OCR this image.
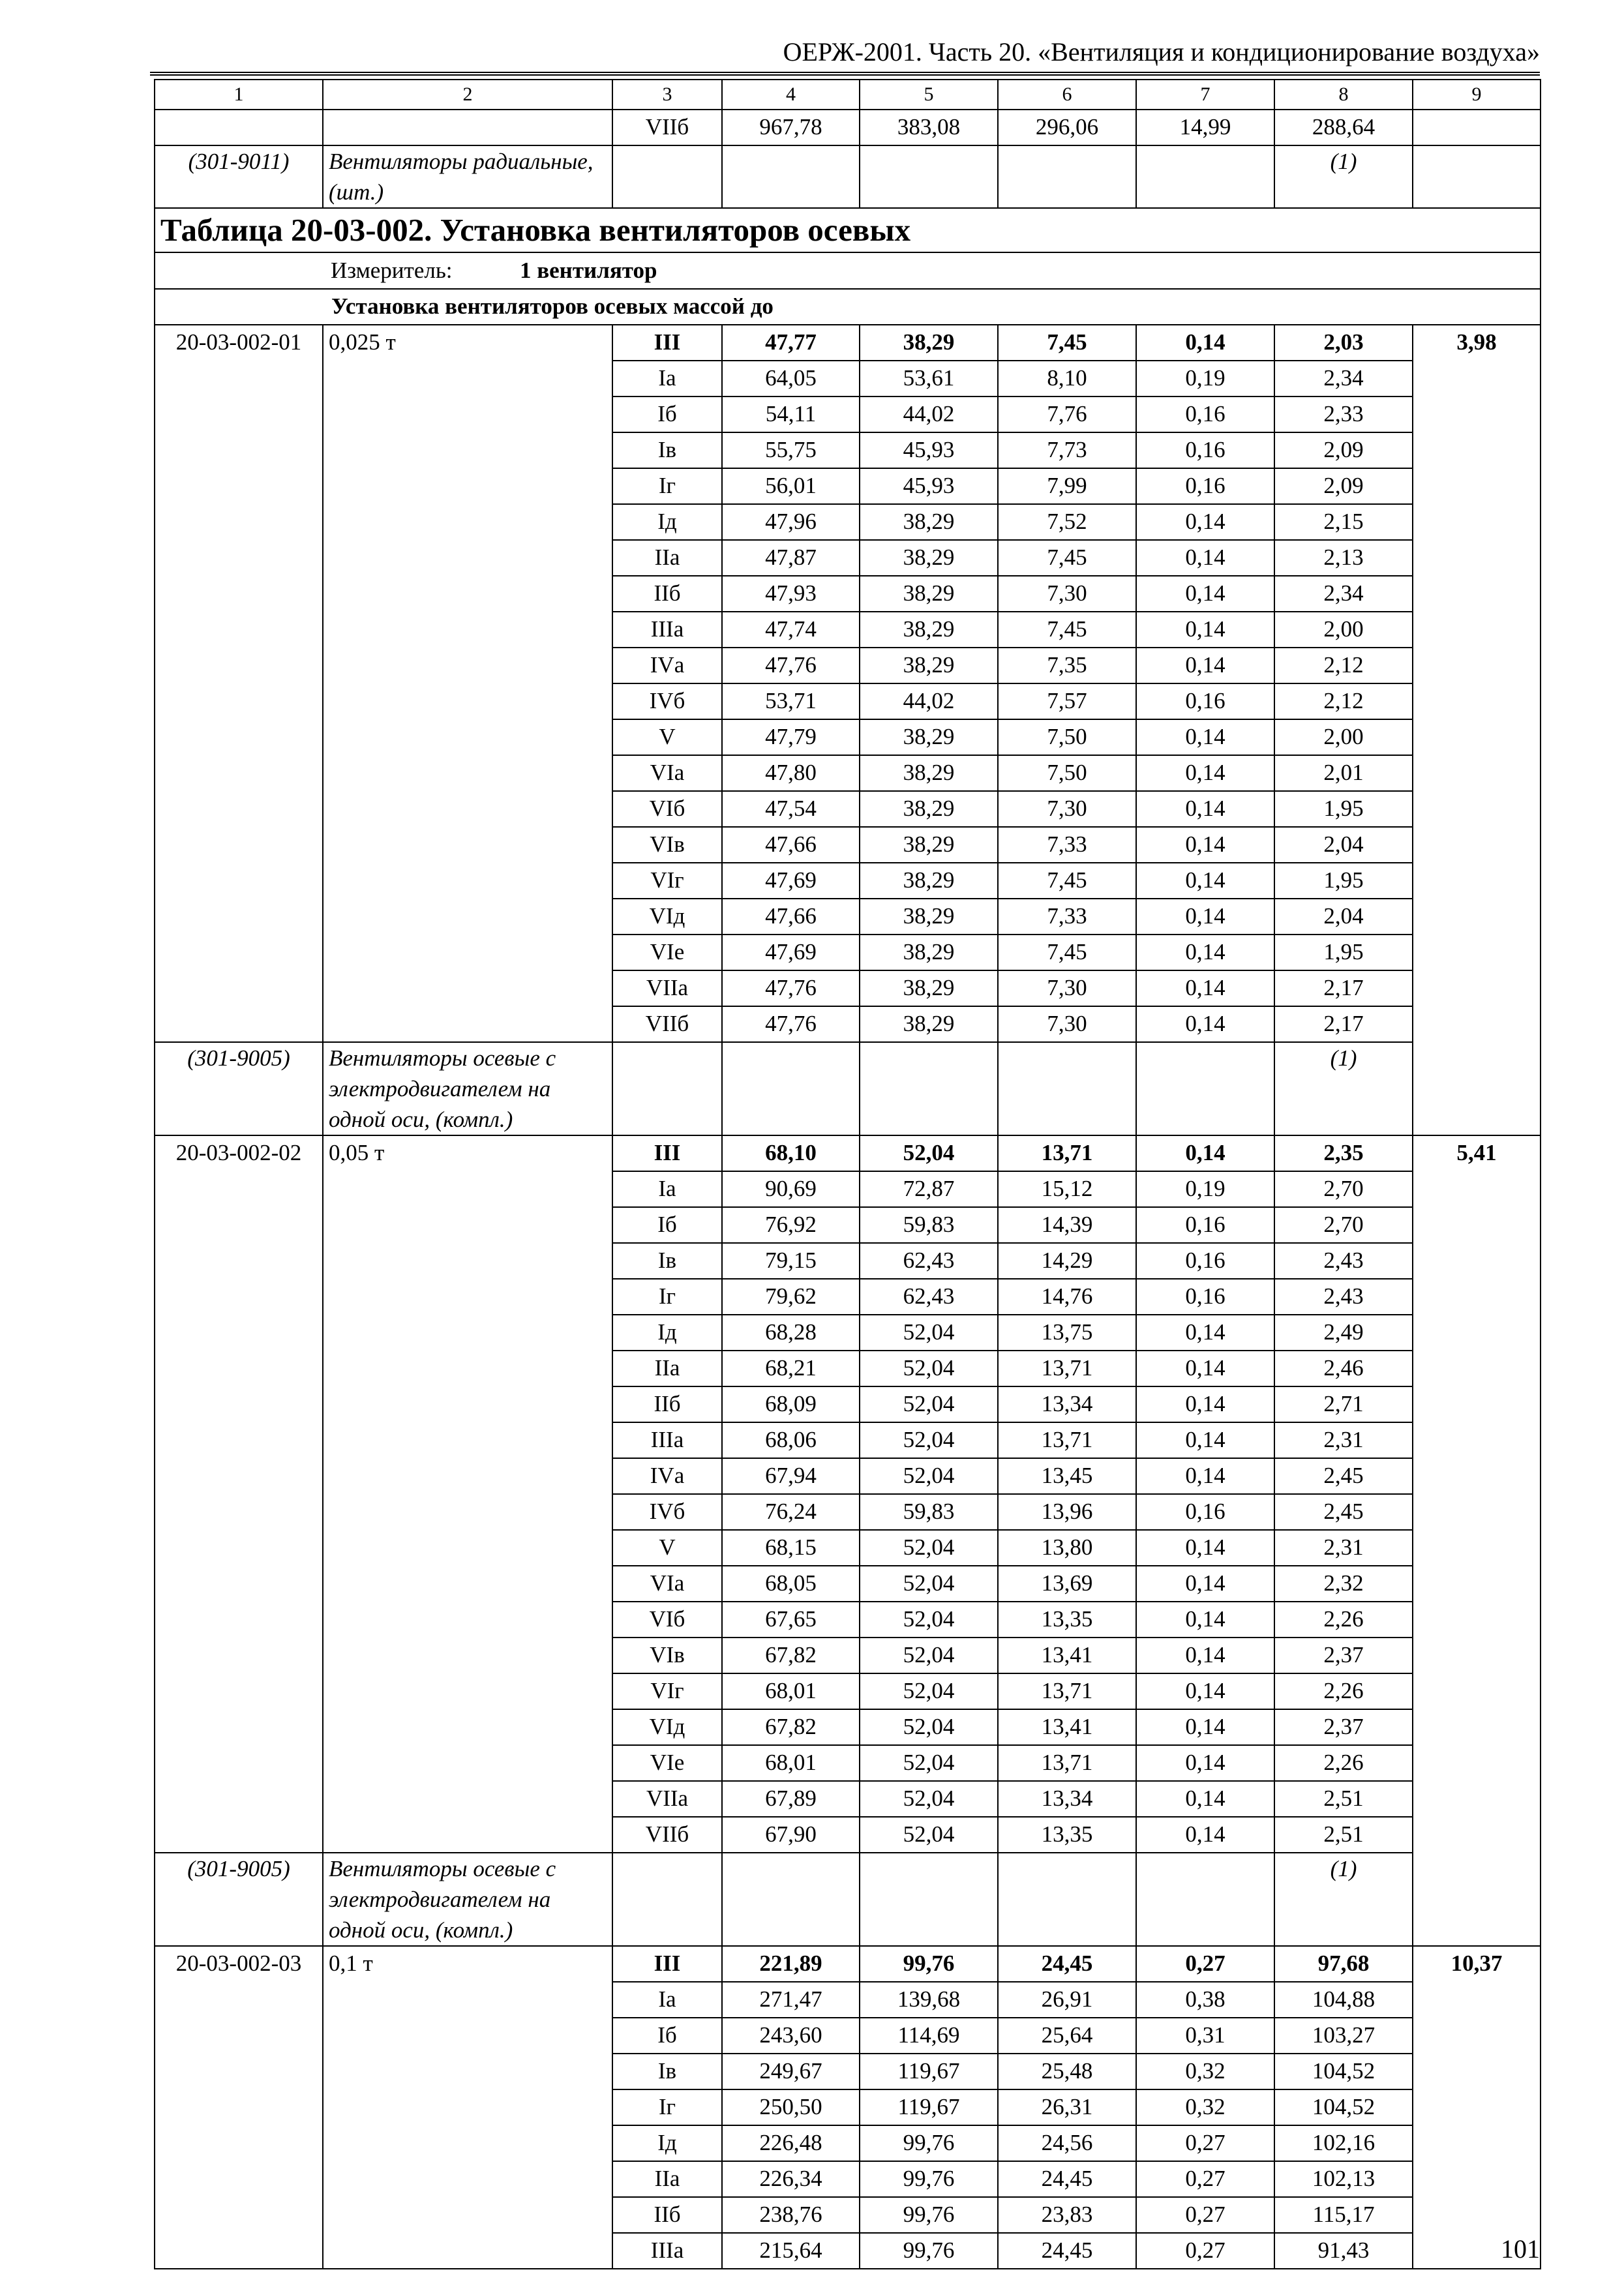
ОЕРЖ-2001. Часть 20. «Вентиляция и кондиционирование воздуха»
1	2	3	4	5	6	7	8	9
		VIIб	967,78	383,08	296,06	14,99	288,64	
(301-9011)	Вентиляторы радиальные, (шт.)						(1)	
Таблица 20-03-002. Установка вентиляторов осевых								
Измеритель: 1 вентилятор								
Установка вентиляторов осевых массой до								
20-03-002-01	0,025 т	III	47,77	38,29	7,45	0,14	2,03	3,98
		Iа	64,05	53,61	8,10	0,19	2,34	
		Iб	54,11	44,02	7,76	0,16	2,33	
		Iв	55,75	45,93	7,73	0,16	2,09	
		Iг	56,01	45,93	7,99	0,16	2,09	
		Iд	47,96	38,29	7,52	0,14	2,15	
		IIа	47,87	38,29	7,45	0,14	2,13	
		IIб	47,93	38,29	7,30	0,14	2,34	
		IIIа	47,74	38,29	7,45	0,14	2,00	
		IVа	47,76	38,29	7,35	0,14	2,12	
		IVб	53,71	44,02	7,57	0,16	2,12	
		V	47,79	38,29	7,50	0,14	2,00	
		VIа	47,80	38,29	7,50	0,14	2,01	
		VIб	47,54	38,29	7,30	0,14	1,95	
		VIв	47,66	38,29	7,33	0,14	2,04	
		VIг	47,69	38,29	7,45	0,14	1,95	
		VIд	47,66	38,29	7,33	0,14	2,04	
		VIе	47,69	38,29	7,45	0,14	1,95	
		VIIа	47,76	38,29	7,30	0,14	2,17	
		VIIб	47,76	38,29	7,30	0,14	2,17	
(301-9005)	Вентиляторы осевые с электродвигателем на одной оси, (компл.)						(1)	
20-03-002-02	0,05 т	III	68,10	52,04	13,71	0,14	2,35	5,41
		Iа	90,69	72,87	15,12	0,19	2,70	
		Iб	76,92	59,83	14,39	0,16	2,70	
		Iв	79,15	62,43	14,29	0,16	2,43	
		Iг	79,62	62,43	14,76	0,16	2,43	
		Iд	68,28	52,04	13,75	0,14	2,49	
		IIа	68,21	52,04	13,71	0,14	2,46	
		IIб	68,09	52,04	13,34	0,14	2,71	
		IIIа	68,06	52,04	13,71	0,14	2,31	
		IVа	67,94	52,04	13,45	0,14	2,45	
		IVб	76,24	59,83	13,96	0,16	2,45	
		V	68,15	52,04	13,80	0,14	2,31	
		VIа	68,05	52,04	13,69	0,14	2,32	
		VIб	67,65	52,04	13,35	0,14	2,26	
		VIв	67,82	52,04	13,41	0,14	2,37	
		VIг	68,01	52,04	13,71	0,14	2,26	
		VIд	67,82	52,04	13,41	0,14	2,37	
		VIе	68,01	52,04	13,71	0,14	2,26	
		VIIа	67,89	52,04	13,34	0,14	2,51	
		VIIб	67,90	52,04	13,35	0,14	2,51	
(301-9005)	Вентиляторы осевые с электродвигателем на одной оси, (компл.)						(1)	
20-03-002-03	0,1 т	III	221,89	99,76	24,45	0,27	97,68	10,37
		Iа	271,47	139,68	26,91	0,38	104,88	
		Iб	243,60	114,69	25,64	0,31	103,27	
		Iв	249,67	119,67	25,48	0,32	104,52	
		Iг	250,50	119,67	26,31	0,32	104,52	
		Iд	226,48	99,76	24,56	0,27	102,16	
		IIа	226,34	99,76	24,45	0,27	102,13	
		IIб	238,76	99,76	23,83	0,27	115,17	
		IIIа	215,64	99,76	24,45	0,27	91,43		101
